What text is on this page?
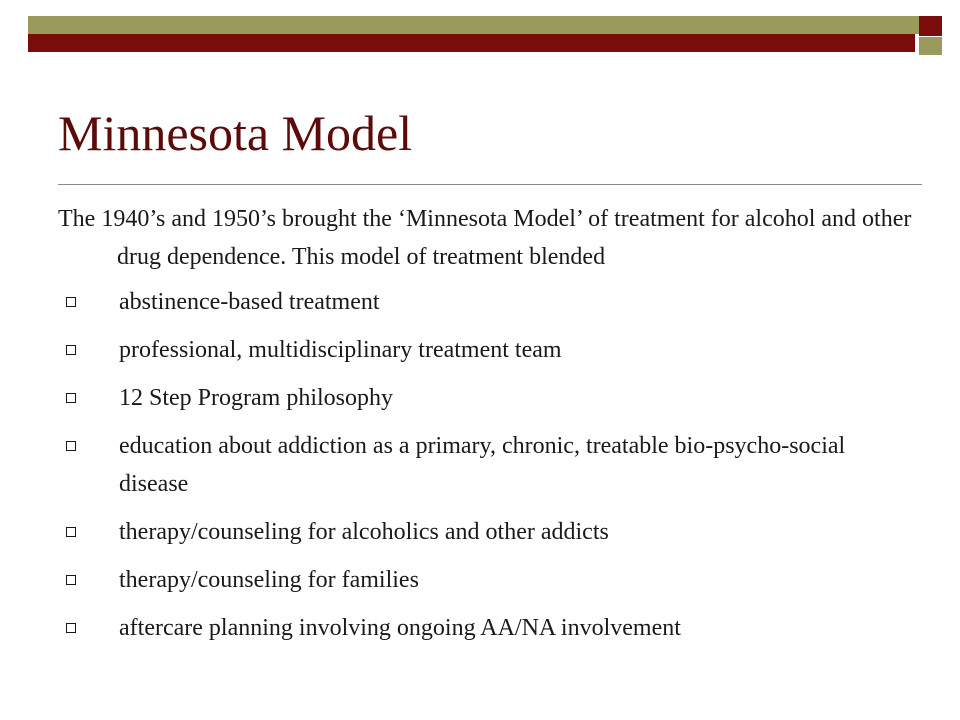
Minnesota Model

The 1940’s and 1950’s brought the ‘Minnesota Model’ of treatment for alcohol and other drug dependence. This model of treatment blended

abstinence-based treatment
professional, multidisciplinary treatment team
12 Step Program philosophy
education about addiction as a primary, chronic, treatable bio-psycho-social disease
therapy/counseling for alcoholics and other addicts
therapy/counseling for families
aftercare planning involving ongoing AA/NA involvement
